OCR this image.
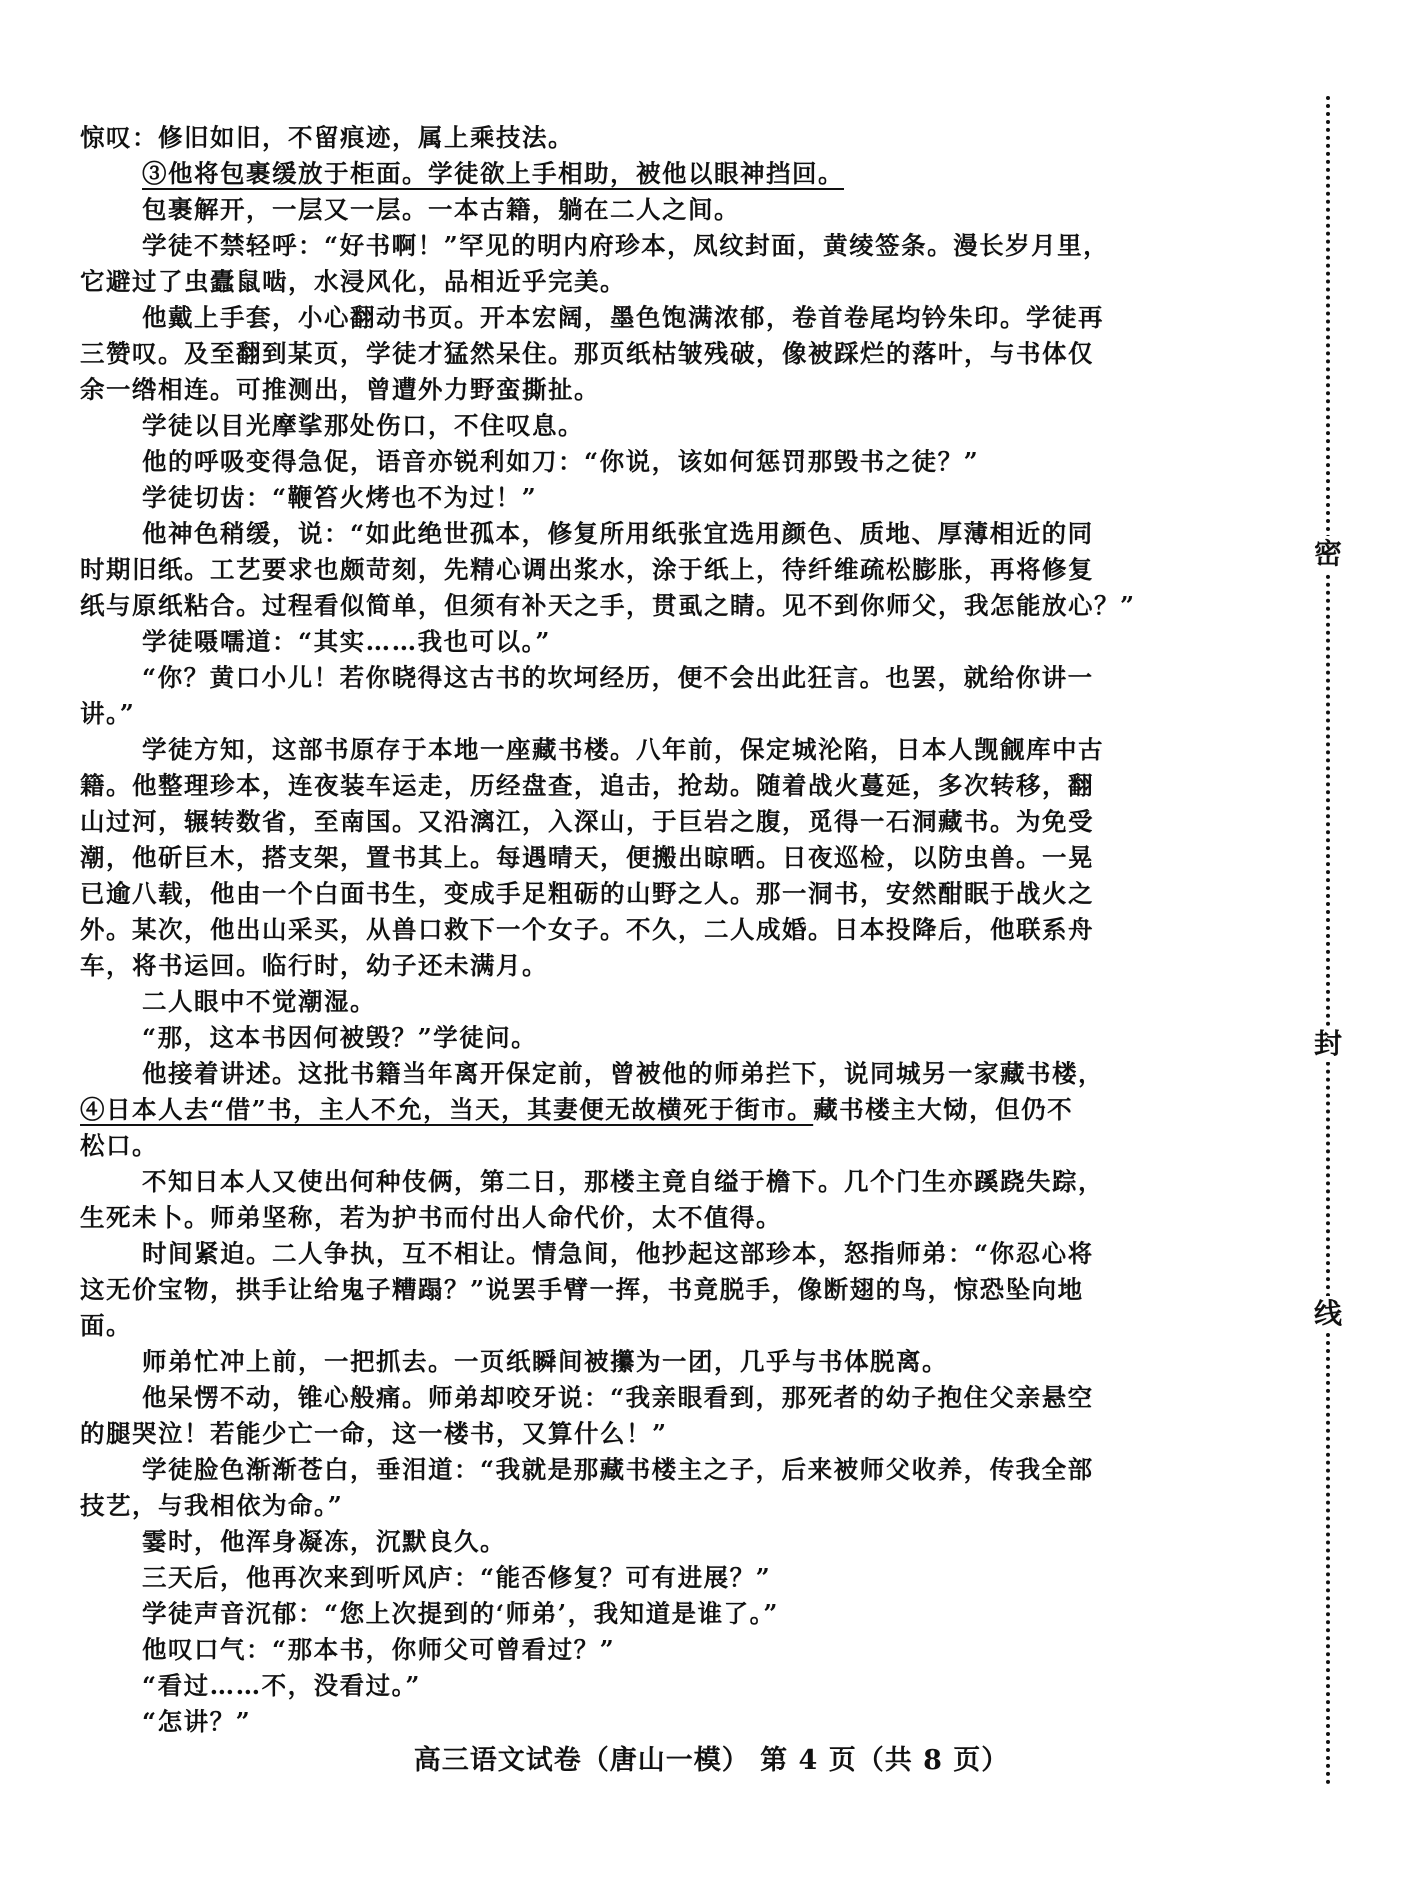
惊叹：修旧如旧，不留痕迹，属上乘技法。
③他将包裹缓放于柜面。学徒欲上手相助，被他以眼神挡回。
包裹解开，一层又一层。一本古籍，躺在二人之间。
学徒不禁轻呼：“好书啊！”罕见的明内府珍本，凤纹封面，黄绫签条。漫长岁月里，
它避过了虫蠹鼠啮，水浸风化，品相近乎完美。
他戴上手套，小心翻动书页。开本宏阔，墨色饱满浓郁，卷首卷尾均钤朱印。学徒再
三赞叹。及至翻到某页，学徒才猛然呆住。那页纸枯皱残破，像被踩烂的落叶，与书体仅
余一绺相连。可推测出，曾遭外力野蛮撕扯。
学徒以目光摩挲那处伤口，不住叹息。
他的呼吸变得急促，语音亦锐利如刀：“你说，该如何惩罚那毁书之徒？”
学徒切齿：“鞭笞火烤也不为过！”
他神色稍缓，说：“如此绝世孤本，修复所用纸张宜选用颜色、质地、厚薄相近的同
时期旧纸。工艺要求也颇苛刻，先精心调出浆水，涂于纸上，待纤维疏松膨胀，再将修复
纸与原纸粘合。过程看似简单，但须有补天之手，贯虱之睛。见不到你师父，我怎能放心？”
学徒嗫嚅道：“其实……我也可以。”
“你？黄口小儿！若你晓得这古书的坎坷经历，便不会出此狂言。也罢，就给你讲一
讲。”
学徒方知，这部书原存于本地一座藏书楼。八年前，保定城沦陷，日本人觊觎库中古
籍。他整理珍本，连夜装车运走，历经盘查，追击，抢劫。随着战火蔓延，多次转移，翻
山过河，辗转数省，至南国。又沿漓江，入深山，于巨岩之腹，觅得一石洞藏书。为免受
潮，他斫巨木，搭支架，置书其上。每遇晴天，便搬出晾晒。日夜巡检，以防虫兽。一晃
已逾八载，他由一个白面书生，变成手足粗砺的山野之人。那一洞书，安然酣眠于战火之
外。某次，他出山采买，从兽口救下一个女子。不久，二人成婚。日本投降后，他联系舟
车，将书运回。临行时，幼子还未满月。
二人眼中不觉潮湿。
“那，这本书因何被毁？”学徒问。
他接着讲述。这批书籍当年离开保定前，曾被他的师弟拦下，说同城另一家藏书楼，
④日本人去“借”书，主人不允，当天，其妻便无故横死于街市。藏书楼主大恸，但仍不
松口。
不知日本人又使出何种伎俩，第二日，那楼主竟自缢于檐下。几个门生亦蹊跷失踪，
生死未卜。师弟坚称，若为护书而付出人命代价，太不值得。
时间紧迫。二人争执，互不相让。情急间，他抄起这部珍本，怒指师弟：“你忍心将
这无价宝物，拱手让给鬼子糟蹋？”说罢手臂一挥，书竟脱手，像断翅的鸟，惊恐坠向地
面。
师弟忙冲上前，一把抓去。一页纸瞬间被攥为一团，几乎与书体脱离。
他呆愣不动，锥心般痛。师弟却咬牙说：“我亲眼看到，那死者的幼子抱住父亲悬空
的腿哭泣！若能少亡一命，这一楼书，又算什么！”
学徒脸色渐渐苍白，垂泪道：“我就是那藏书楼主之子，后来被师父收养，传我全部
技艺，与我相依为命。”
霎时，他浑身凝冻，沉默良久。
三天后，他再次来到听风庐：“能否修复？可有进展？”
学徒声音沉郁：“您上次提到的‘师弟’，我知道是谁了。”
他叹口气：“那本书，你师父可曾看过？”
“看过……不，没看过。”
“怎讲？”
密
封
线
高三语文试卷（唐山一模） 第 4 页（共 8 页）
